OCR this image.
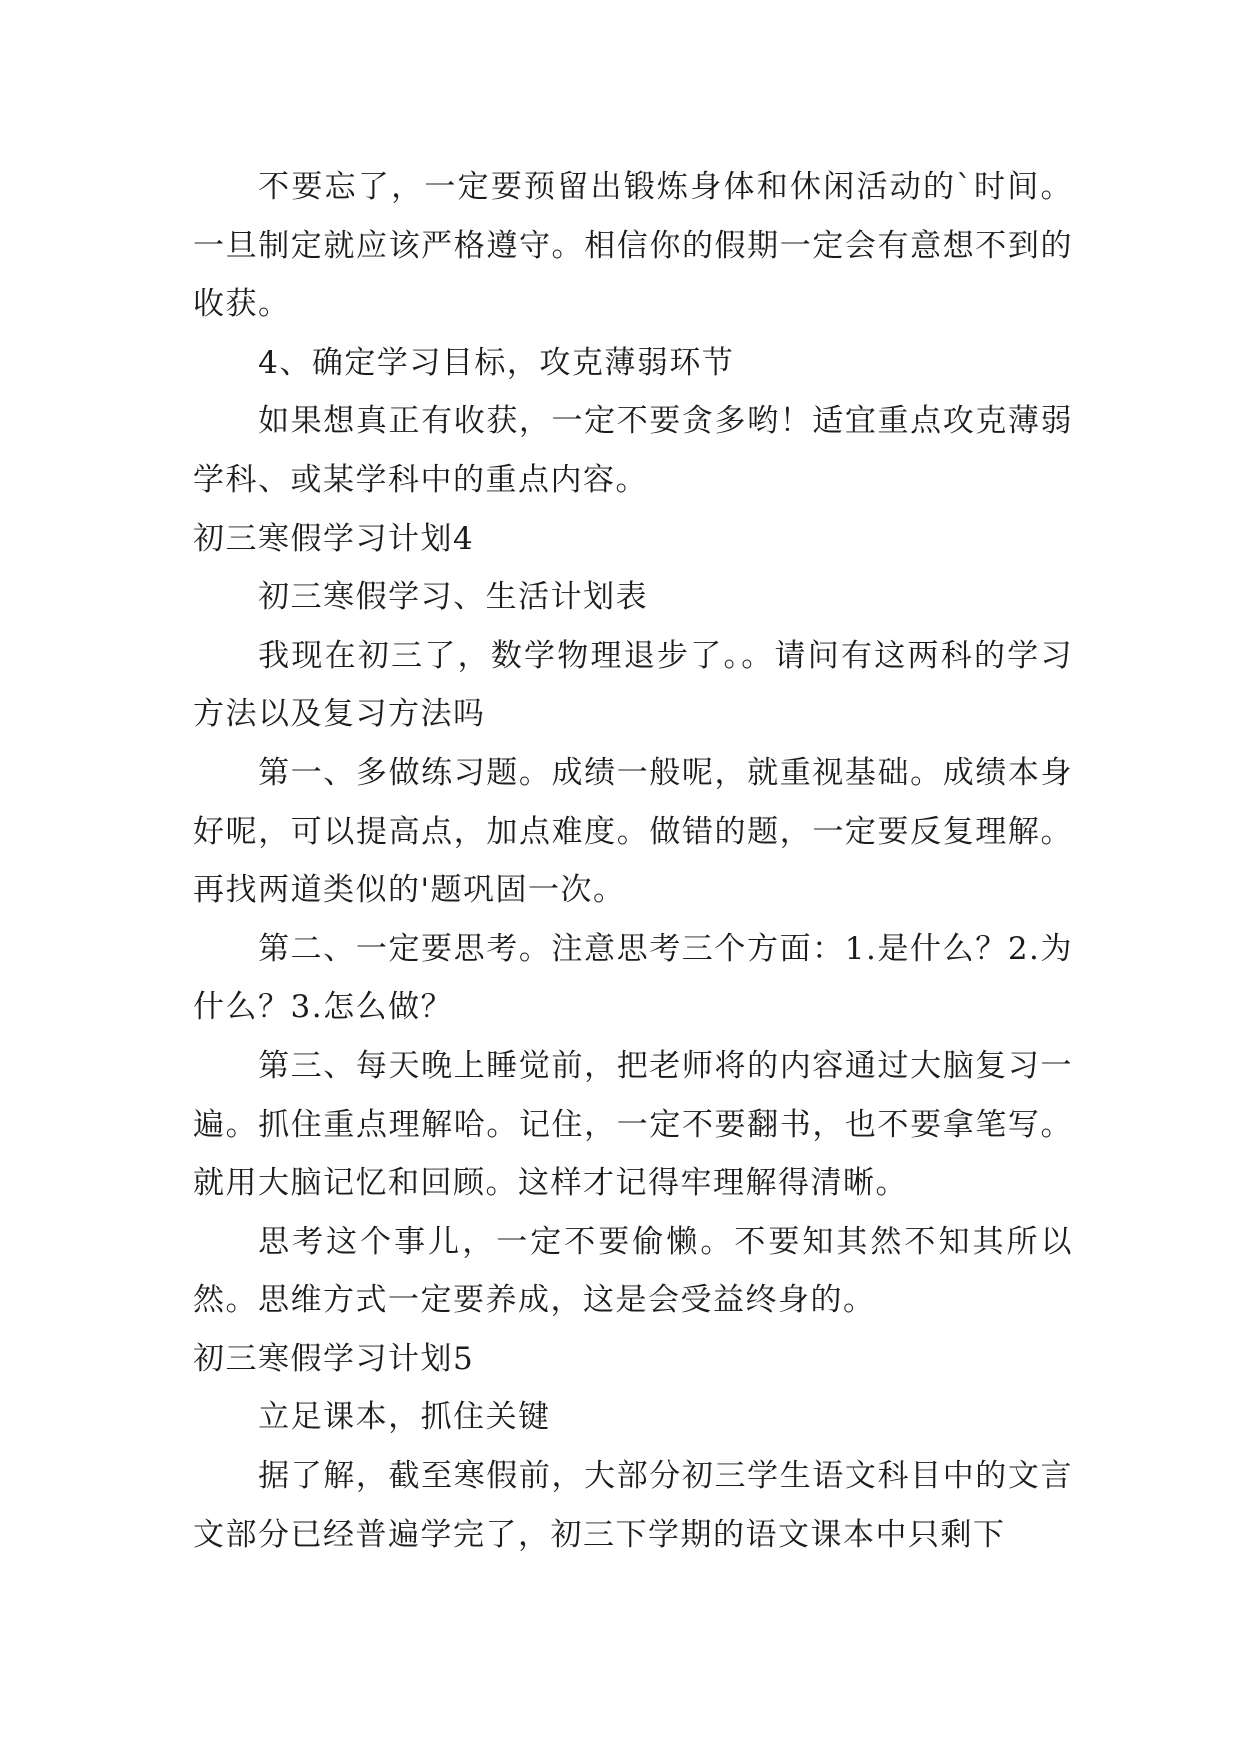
不要忘了，一定要预留出锻炼身体和休闲活动的`时间。一旦制定就应该严格遵守。相信你的假期一定会有意想不到的收获。

4、确定学习目标，攻克薄弱环节

如果想真正有收获，一定不要贪多哟！适宜重点攻克薄弱学科、或某学科中的重点内容。

初三寒假学习计划4

初三寒假学习、生活计划表

我现在初三了，数学物理退步了。。请问有这两科的学习方法以及复习方法吗

第一、多做练习题。成绩一般呢，就重视基础。成绩本身好呢，可以提高点，加点难度。做错的题，一定要反复理解。再找两道类似的'题巩固一次。

第二、一定要思考。注意思考三个方面：1.是什么？2.为什么？3.怎么做？

第三、每天晚上睡觉前，把老师将的内容通过大脑复习一遍。抓住重点理解哈。记住，一定不要翻书，也不要拿笔写。就用大脑记忆和回顾。这样才记得牢理解得清晰。

思考这个事儿，一定不要偷懒。不要知其然不知其所以然。思维方式一定要养成，这是会受益终身的。

初三寒假学习计划5

立足课本，抓住关键

据了解，截至寒假前，大部分初三学生语文科目中的文言文部分已经普遍学完了，初三下学期的语文课本中只剩下
